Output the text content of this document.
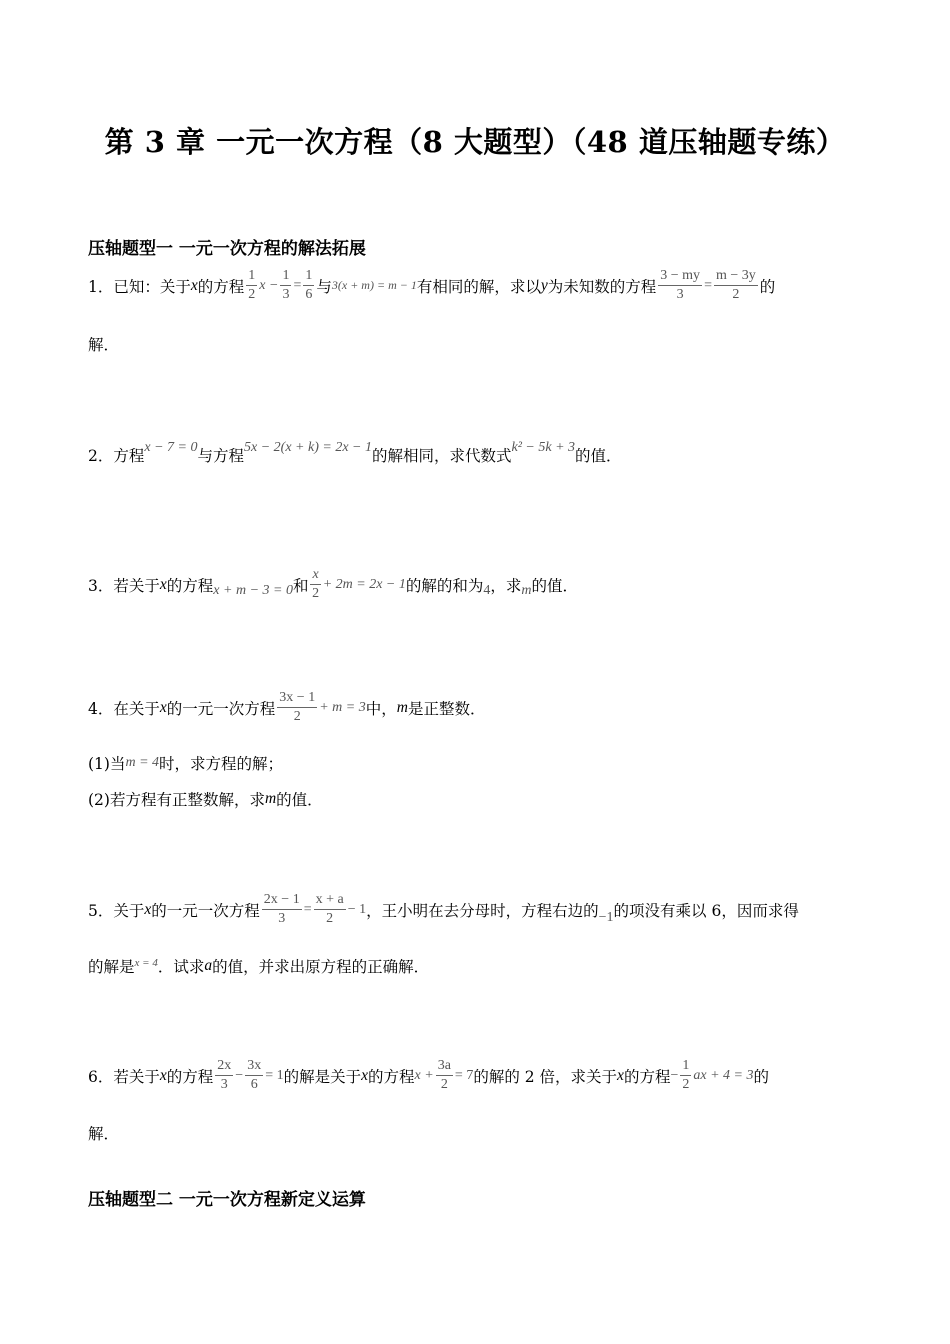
第 3 章 一元一次方程（8 大题型）（48 道压轴题专练）
压轴题型一 一元一次方程的解法拓展
1． 已知：关于 x 的方程 $\frac{1}{2}$ $x - \frac{1}{3} = \frac{1}{6}$ 与 3(x + m) = m − 1 有相同的解，求以 y 为未知数的方程 $\frac{3 - my}{3} = \frac{m - 3y}{2}$ 的
解．
2． 方程 x − 7 = 0 与方程 5x − 2(x + k) = 2x − 1 的解相同，求代数式 k² − 5k + 3 的值．
3． 若关于 x 的方程 x + m − 3 = 0 和 $\frac{x}{2} + 2m = 2x - 1$ 的解的和为 4 ，求 m 的值．
4． 在关于 x 的一元一次方程 $\frac{3x - 1}{2} + m = 3$ 中， m 是正整数．
(1)当 m = 4 时，求方程的解；
(2)若方程有正整数解，求 m 的值．
5． 关于 x 的一元一次方程 $\frac{2x - 1}{3} = \frac{x + a}{2} - 1$ ，王小明在去分母时，方程右边的 −1 的项没有乘以 6，因而求得
的解是 x = 4 ．试求 a 的值，并求出原方程的正确解．
6． 若关于 x 的方程 $\frac{2x}{3} - \frac{3x}{6} = 1$ 的解是关于 x 的方程 $x + \frac{3a}{2} = 7$ 的解的 2 倍，求关于 x 的方程 − $\frac{1}{2}$ ax + 4 = 3 的
解．
压轴题型二 一元一次方程新定义运算
